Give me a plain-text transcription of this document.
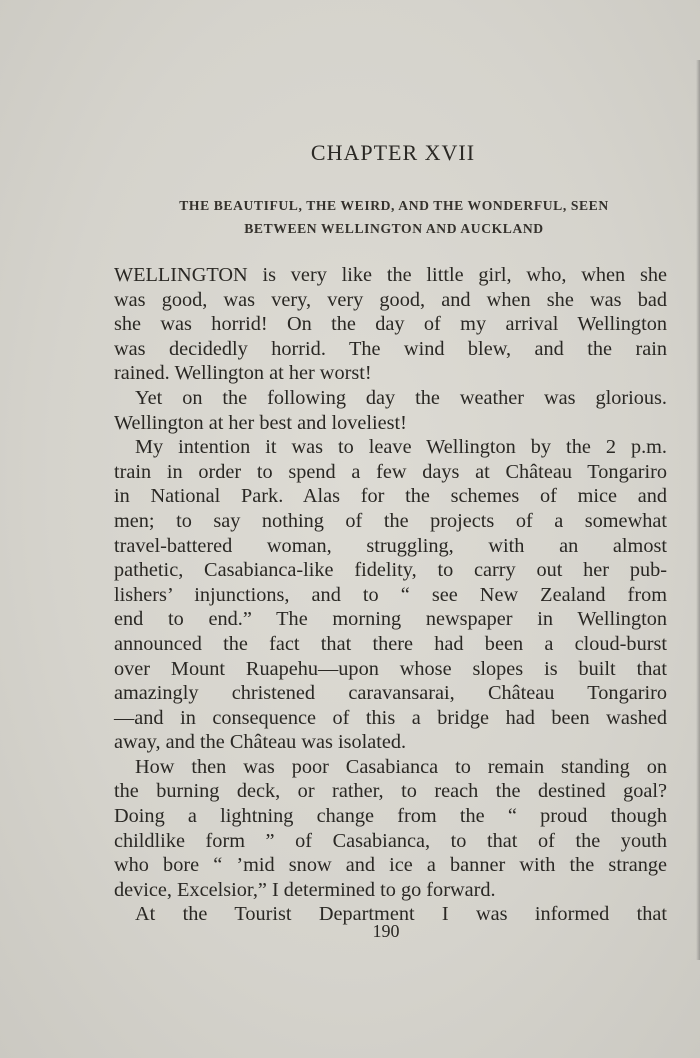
CHAPTER XVII
THE BEAUTIFUL, THE WEIRD, AND THE WONDERFUL, SEEN
BETWEEN WELLINGTON AND AUCKLAND
WELLINGTON is very like the little girl, who, when she
was good, was very, very good, and when she was bad
she was horrid! On the day of my arrival Wellington
was decidedly horrid. The wind blew, and the rain
rained. Wellington at her worst!
Yet on the following day the weather was glorious.
Wellington at her best and loveliest!
My intention it was to leave Wellington by the 2 p.m.
train in order to spend a few days at Château Tongariro
in National Park. Alas for the schemes of mice and
men; to say nothing of the projects of a somewhat
travel-battered woman, struggling, with an almost
pathetic, Casabianca-like fidelity, to carry out her pub-
lishers’ injunctions, and to “ see New Zealand from
end to end.” The morning newspaper in Wellington
announced the fact that there had been a cloud-burst
over Mount Ruapehu—upon whose slopes is built that
amazingly christened caravansarai, Château Tongariro
—and in consequence of this a bridge had been washed
away, and the Château was isolated.
How then was poor Casabianca to remain standing on
the burning deck, or rather, to reach the destined goal?
Doing a lightning change from the “ proud though
childlike form ” of Casabianca, to that of the youth
who bore “ ’mid snow and ice a banner with the strange
device, Excelsior,” I determined to go forward.
At the Tourist Department I was informed that
190
